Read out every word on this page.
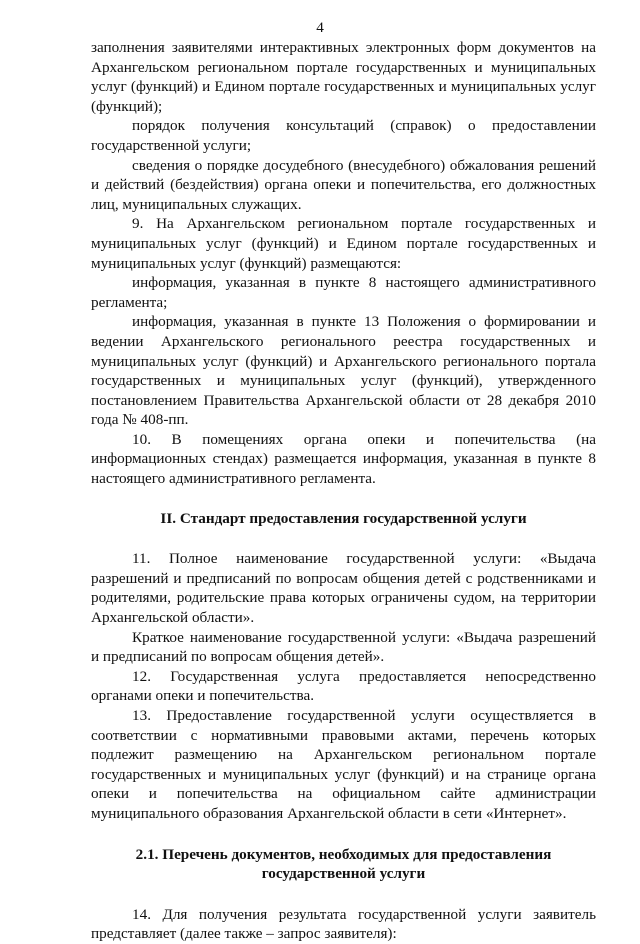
4

заполнения заявителями интерактивных электронных форм документов на Архангельском региональном портале государственных и муниципальных услуг (функций) и Едином портале государственных и муниципальных услуг (функций);

порядок получения консультаций (справок) о предоставлении государственной услуги;

сведения о порядке досудебного (внесудебного) обжалования решений и действий (бездействия) органа опеки и попечительства, его должностных лиц, муниципальных служащих.

9. На Архангельском региональном портале государственных и муниципальных услуг (функций) и Едином портале государственных и муниципальных услуг (функций) размещаются:

информация, указанная в пункте 8 настоящего административного регламента;

информация, указанная в пункте 13 Положения о формировании и ведении Архангельского регионального реестра государственных и муниципальных услуг (функций) и Архангельского регионального портала государственных и муниципальных услуг (функций), утвержденного постановлением Правительства Архангельской области от 28 декабря 2010 года № 408-пп.

10. В помещениях органа опеки и попечительства (на информационных стендах) размещается информация, указанная в пункте 8 настоящего административного регламента.

II. Стандарт предоставления государственной услуги

11. Полное наименование государственной услуги: «Выдача разрешений и предписаний по вопросам общения детей с родственниками и родителями, родительские права которых ограничены судом, на территории Архангельской области».

Краткое наименование государственной услуги: «Выдача разрешений и предписаний по вопросам общения детей».

12. Государственная услуга предоставляется непосредственно органами опеки и попечительства.

13. Предоставление государственной услуги осуществляется в соответствии с нормативными правовыми актами, перечень которых подлежит размещению на Архангельском региональном портале государственных и муниципальных услуг (функций) и на странице органа опеки и попечительства на официальном сайте администрации муниципального образования Архангельской области в сети «Интернет».

2.1. Перечень документов, необходимых для предоставления
государственной услуги

14. Для получения результата государственной услуги заявитель представляет (далее также – запрос заявителя):
